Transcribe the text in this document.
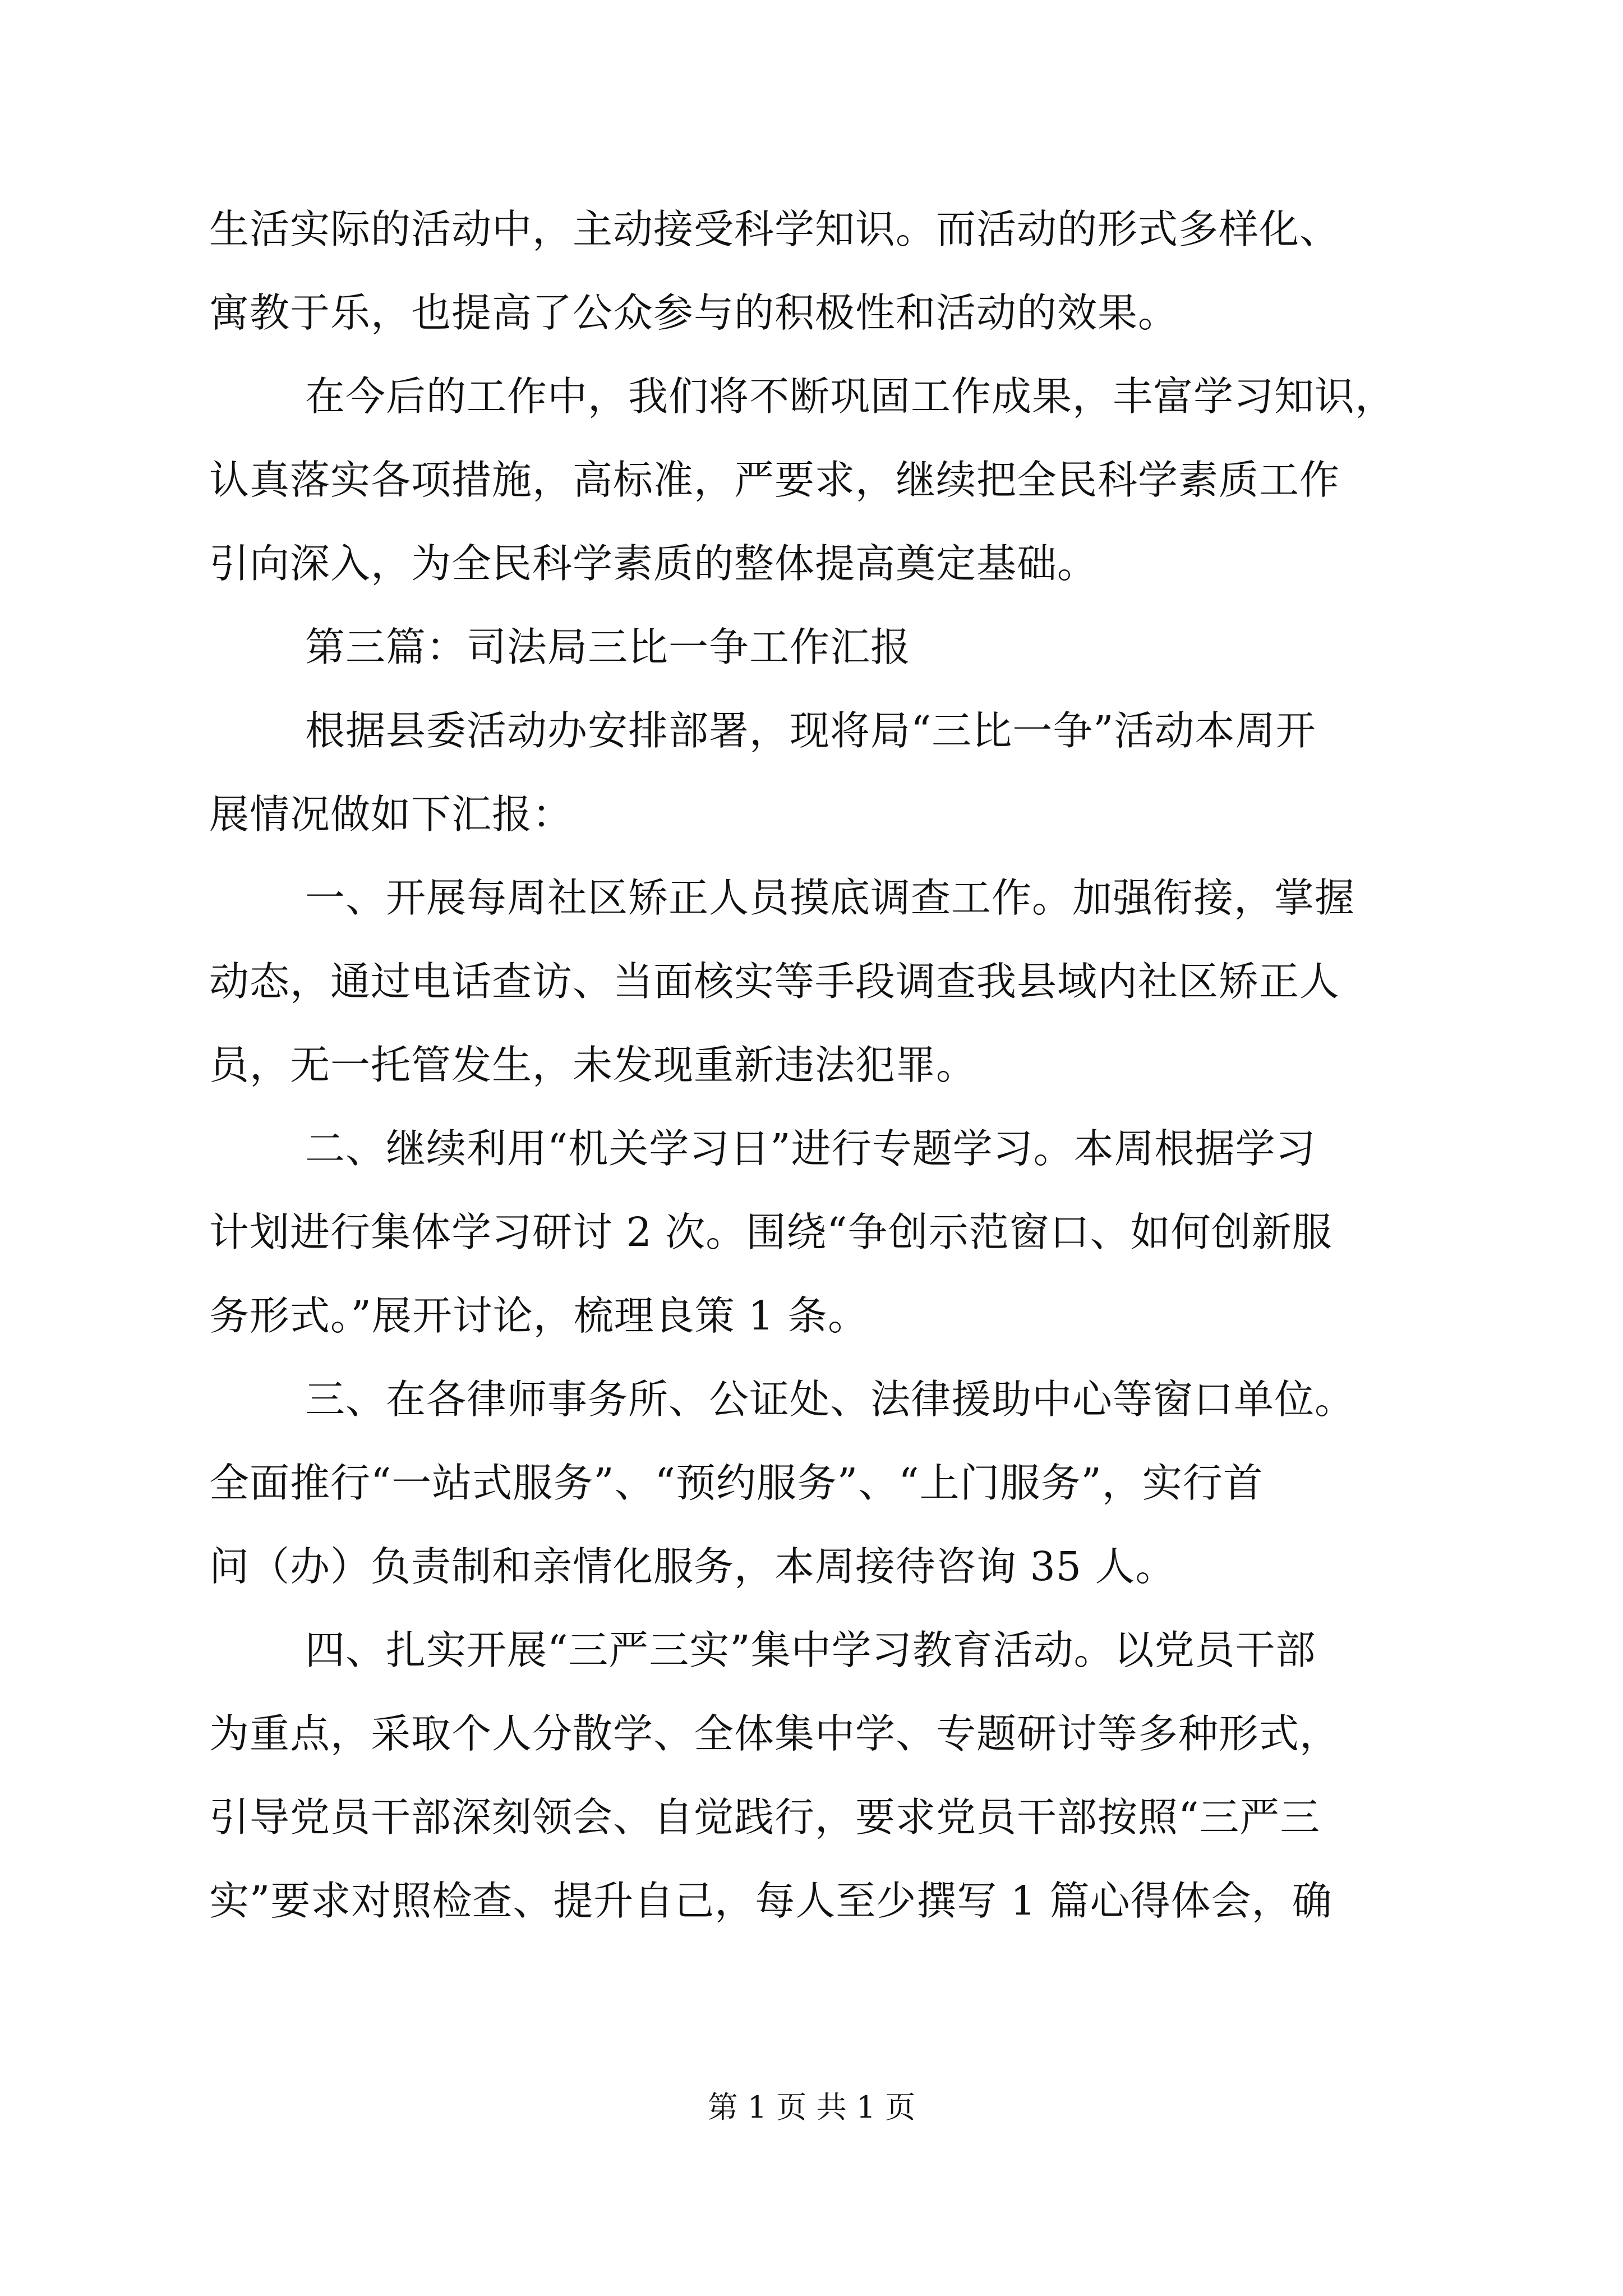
生活实际的活动中，主动接受科学知识。而活动的形式多样化、
寓教于乐，也提高了公众参与的积极性和活动的效果。
在今后的工作中，我们将不断巩固工作成果，丰富学习知识，
认真落实各项措施，高标准，严要求，继续把全民科学素质工作
引向深入，为全民科学素质的整体提高奠定基础。
第三篇：司法局三比一争工作汇报
根据县委活动办安排部署，现将局“三比一争”活动本周开
展情况做如下汇报：
一、开展每周社区矫正人员摸底调查工作。加强衔接，掌握
动态，通过电话查访、当面核实等手段调查我县域内社区矫正人
员，无一托管发生，未发现重新违法犯罪。
二、继续利用“机关学习日”进行专题学习。本周根据学习
计划进行集体学习研讨 2 次。围绕“争创示范窗口、如何创新服
务形式。”展开讨论，梳理良策 1 条。
三、在各律师事务所、公证处、法律援助中心等窗口单位。
全面推行“一站式服务”、“预约服务”、“上门服务”，实行首
问（办）负责制和亲情化服务，本周接待咨询 35 人。
四、扎实开展“三严三实”集中学习教育活动。以党员干部
为重点，采取个人分散学、全体集中学、专题研讨等多种形式，
引导党员干部深刻领会、自觉践行，要求党员干部按照“三严三
实”要求对照检查、提升自己，每人至少撰写 1 篇心得体会，确
第 1 页 共 1 页
